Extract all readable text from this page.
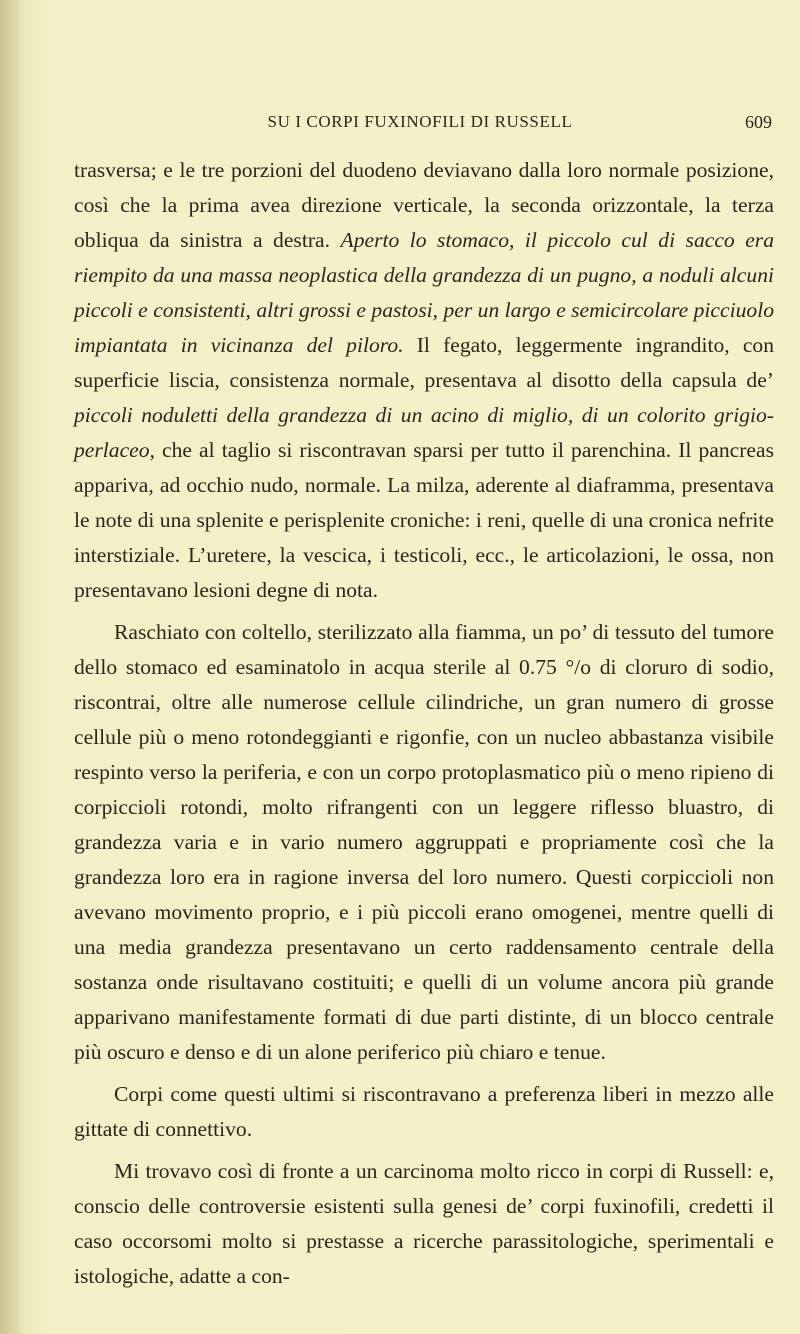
SU I CORPI FUXINOFILI DI RUSSELL	609

trasversa; e le tre porzioni del duodeno deviavano dalla loro normale posizione, così che la prima avea direzione verticale, la seconda orizzontale, la terza obliqua da sinistra a destra. Aperto lo stomaco, il piccolo cul di sacco era riempito da una massa neoplastica della grandezza di un pugno, a noduli alcuni piccoli e consistenti, altri grossi e pastosi, per un largo e semicircolare picciuolo impiantata in vicinanza del piloro. Il fegato, leggermente ingrandito, con superficie liscia, consistenza normale, presentava al disotto della capsula de’ piccoli noduletti della grandezza di un acino di miglio, di un colorito grigio-perlaceo, che al taglio si riscontravan sparsi per tutto il parenchina. Il pancreas appariva, ad occhio nudo, normale. La milza, aderente al diaframma, presentava le note di una splenite e perisplenite croniche: i reni, quelle di una cronica nefrite interstiziale. L’uretere, la vescica, i testicoli, ecc., le articolazioni, le ossa, non presentavano lesioni degne di nota.

Raschiato con coltello, sterilizzato alla fiamma, un po’ di tessuto del tumore dello stomaco ed esaminatolo in acqua sterile al 0.75 °/o di cloruro di sodio, riscontrai, oltre alle numerose cellule cilindriche, un gran numero di grosse cellule più o meno rotondeggianti e rigonfie, con un nucleo abbastanza visibile respinto verso la periferia, e con un corpo protoplasmatico più o meno ripieno di corpiccioli rotondi, molto rifrangenti con un leggere riflesso bluastro, di grandezza varia e in vario numero aggruppati e propriamente così che la grandezza loro era in ragione inversa del loro numero. Questi corpiccioli non avevano movimento proprio, e i più piccoli erano omogenei, mentre quelli di una media grandezza presentavano un certo raddensamento centrale della sostanza onde risultavano costituiti; e quelli di un volume ancora più grande apparivano manifestamente formati di due parti distinte, di un blocco centrale più oscuro e denso e di un alone periferico più chiaro e tenue.

Corpi come questi ultimi si riscontravano a preferenza liberi in mezzo alle gittate di connettivo.

Mi trovavo così di fronte a un carcinoma molto ricco in corpi di Russell: e, conscio delle controversie esistenti sulla genesi de’ corpi fuxinofili, credetti il caso occorsomi molto si prestasse a ricerche parassitologiche, sperimentali e istologiche, adatte a con-
